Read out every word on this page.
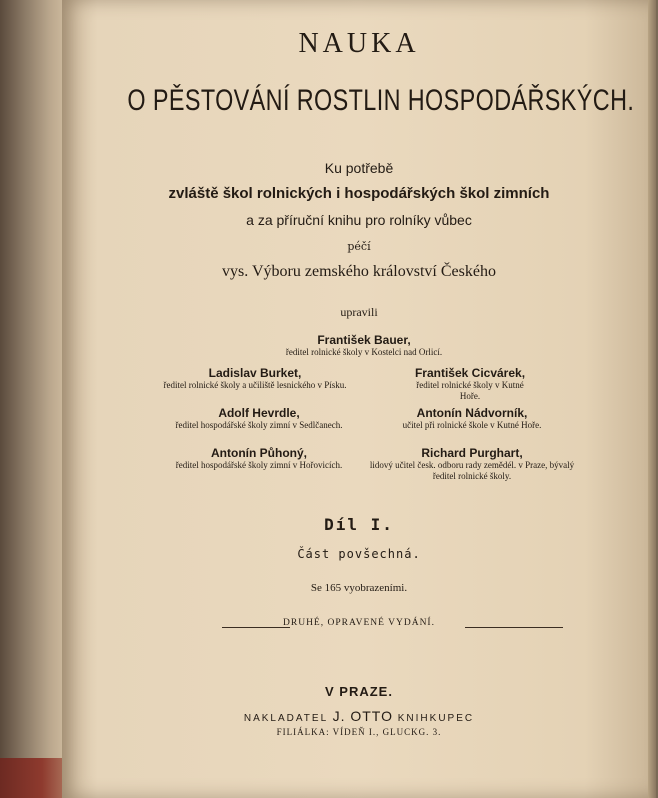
NAUKA
O PĚSTOVÁNÍ ROSTLIN HOSPODÁŘSKÝCH.
Ku potřebě
zvláště škol rolnických i hospodářských škol zimních
a za příruční knihu pro rolníky vůbec
péčí
vys. Výboru zemského království Českého
upravili
František Bauer,
ředitel rolnické školy v Kostelci nad Orlicí.
Ladislav Burket,
ředitel rolnické školy a učiliště lesnického v Písku.
František Cicvárek,
ředitel rolnické školy v Kutné Hoře.
Adolf Hevrdle,
ředitel hospodářské školy zimní v Sedlčanech.
Antonín Nádvorník,
učitel při rolnické škole v Kutné Hoře.
Antonín Půhoný,
ředitel hospodářské školy zimní v Hořovicích.
Richard Purghart,
lidový učitel česk. odboru rady zemědél. v Praze, bývalý ředitel rolnické školy.
Díl I.
Část povšechná.
Se 165 vyobrazeními.
DRUHÉ, OPRAVENÉ VYDÁNÍ.
V PRAZE.
NAKLADATEL J. OTTO KNIHKUPEC
FILIÁLKA: VÍDEŇ I., GLUCKG. 3.
